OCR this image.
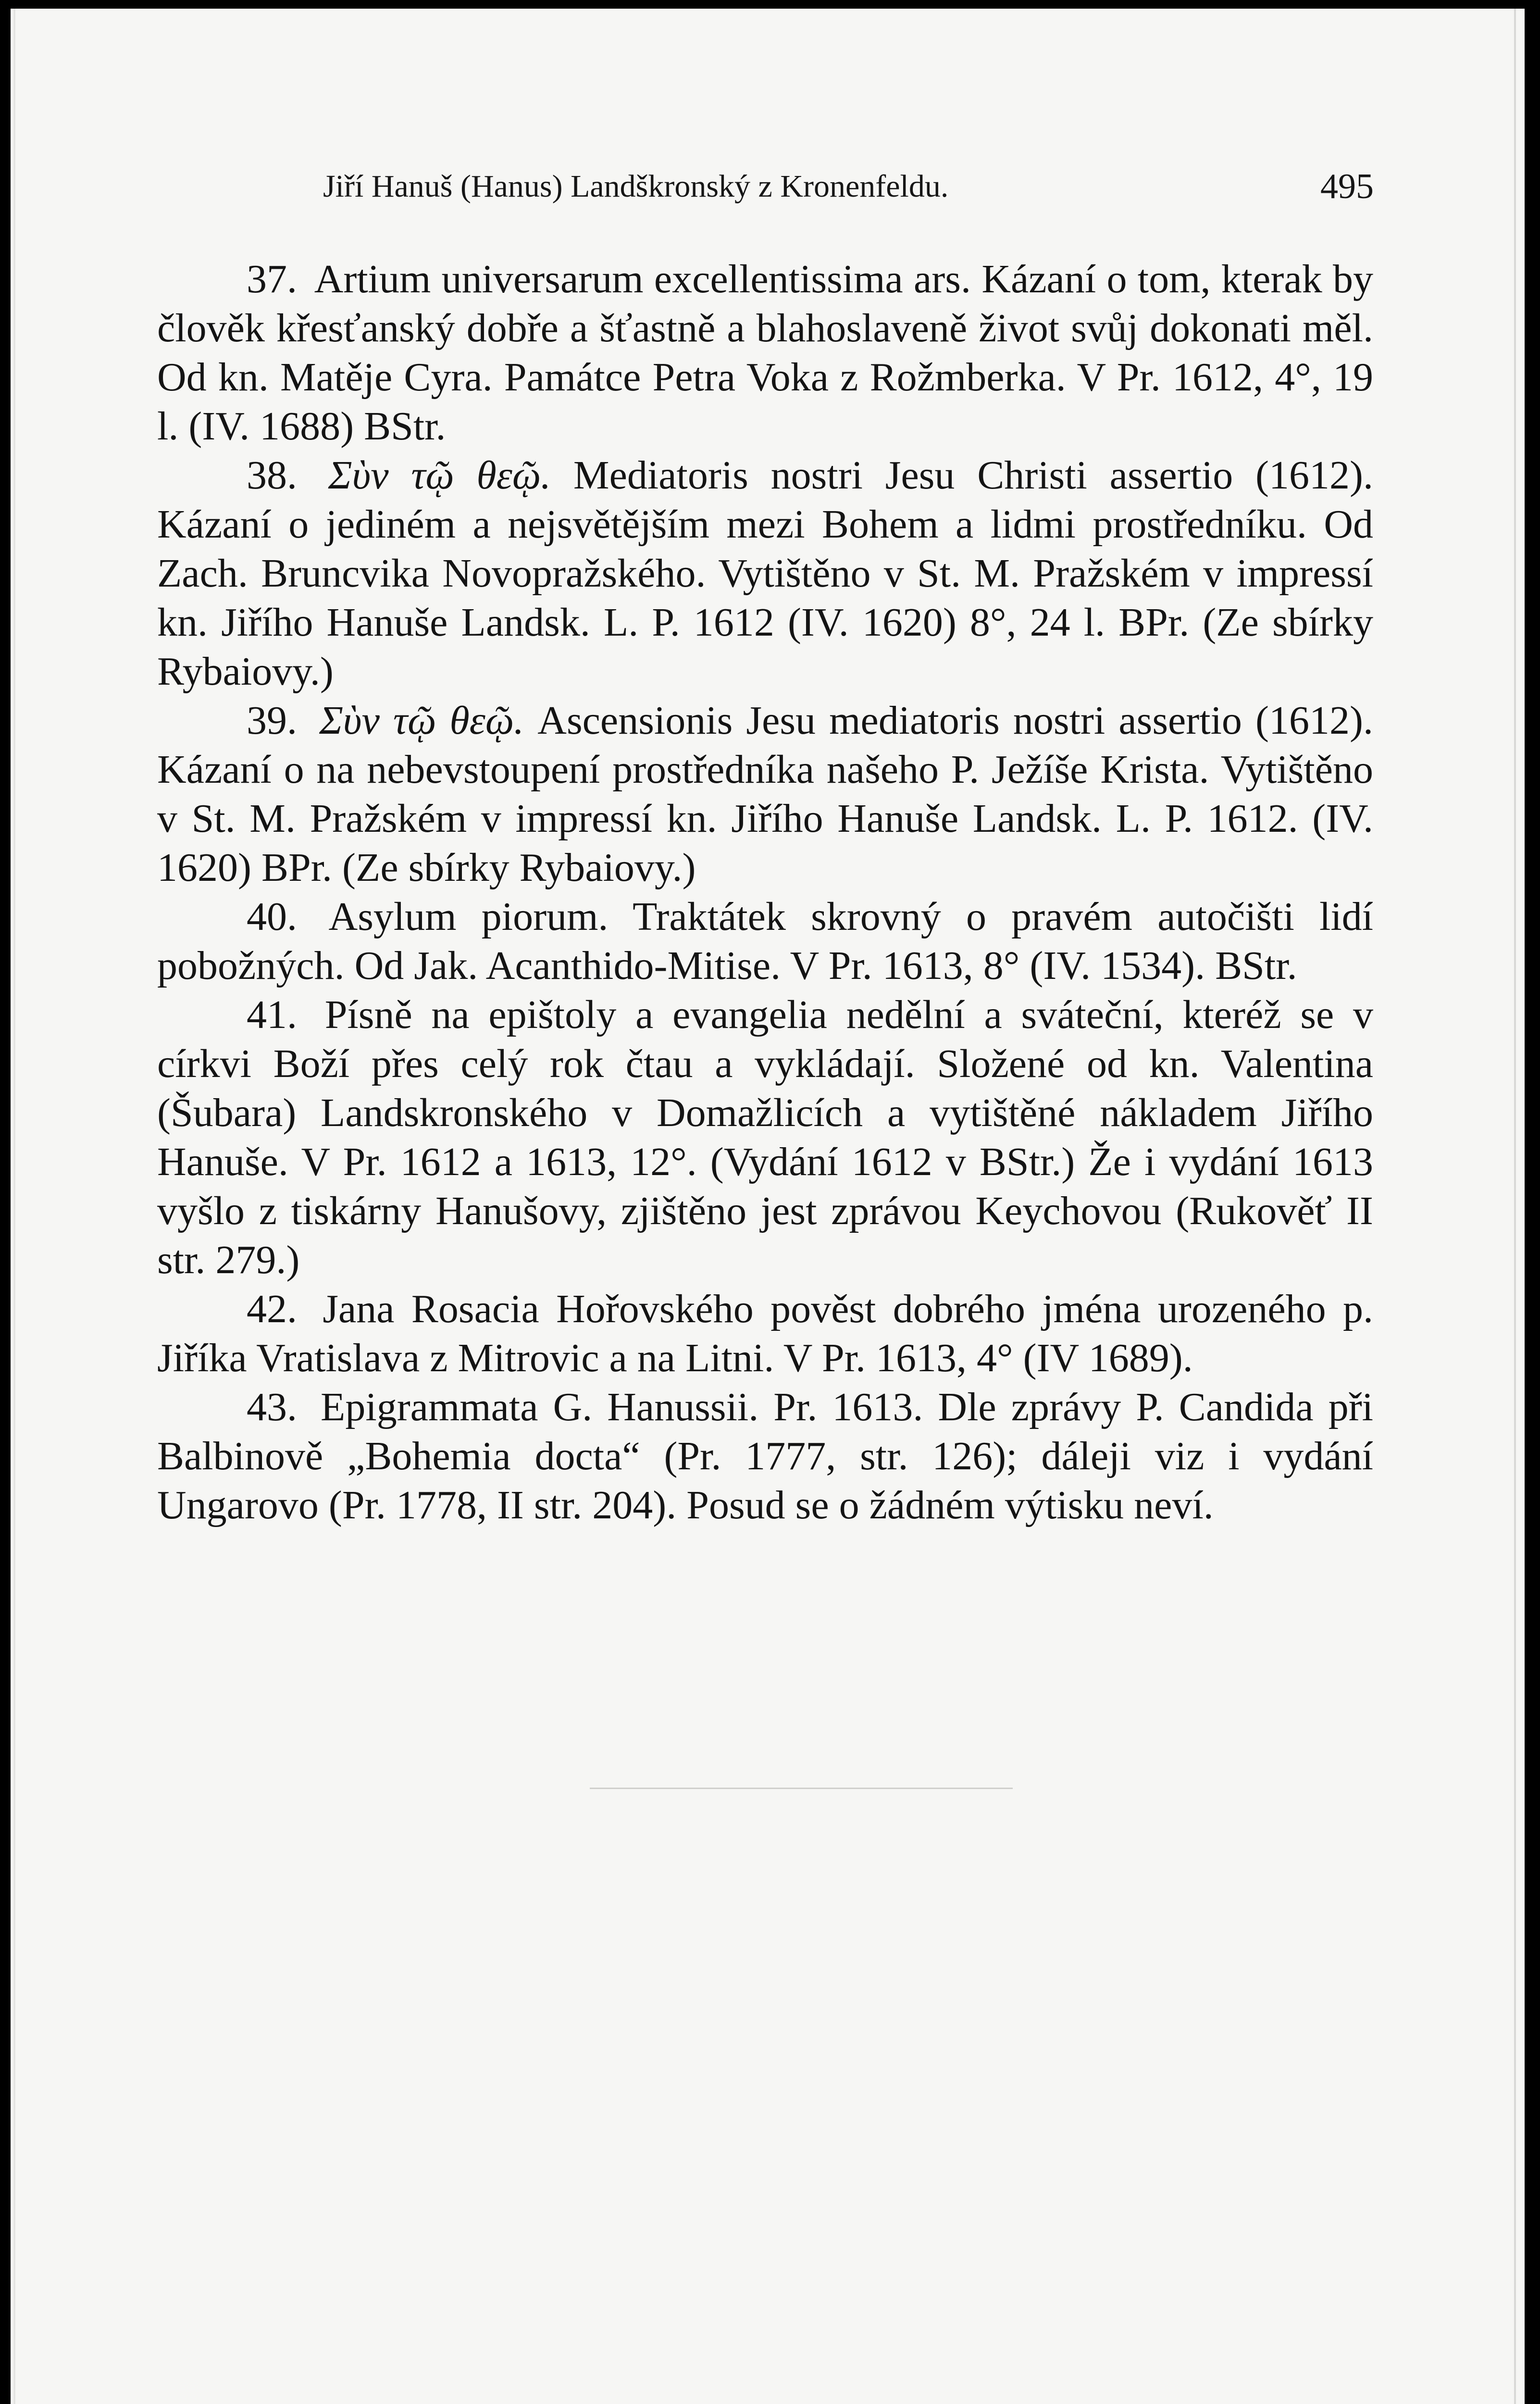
Jiří Hanuš (Hanus) Landškronský z Kronenfeldu.	495

37. Artium universarum excellentissima ars. Kázaní o tom, kterak by člověk křesťanský dobře a šťastně a blahoslaveně život svůj dokonati měl. Od kn. Matěje Cyra. Památce Petra Voka z Rožmberka. V Pr. 1612, 4°, 19 l. (IV. 1688) BStr.

38. Σὺν τῷ θεῷ. Mediatoris nostri Jesu Christi assertio (1612). Kázaní o jediném a nejsvětějším mezi Bohem a lidmi prostředníku. Od Zach. Bruncvika Novopražského. Vytištěno v St. M. Pražském v impressí kn. Jiřího Hanuše Landsk. L. P. 1612 (IV. 1620) 8°, 24 l. BPr. (Ze sbírky Rybaiovy.)

39. Σὺν τῷ θεῷ. Ascensionis Jesu mediatoris nostri assertio (1612). Kázaní o na nebevstoupení prostředníka našeho P. Ježíše Krista. Vytištěno v St. M. Pražském v impressí kn. Jiřího Hanuše Landsk. L. P. 1612. (IV. 1620) BPr. (Ze sbírky Rybaiovy.)

40. Asylum piorum. Traktátek skrovný o pravém autočišti lidí pobožných. Od Jak. Acanthido-Mitise. V Pr. 1613, 8° (IV. 1534). BStr.

41. Písně na epištoly a evangelia nedělní a sváteční, kteréž se v církvi Boží přes celý rok čtau a vykládají. Složené od kn. Valentina (Šubara) Landskronského v Domažlicích a vytištěné nákladem Jiřího Hanuše. V Pr. 1612 a 1613, 12°. (Vydání 1612 v BStr.) Že i vydání 1613 vyšlo z tiskárny Hanušovy, zjištěno jest zprávou Keychovou (Rukověť II str. 279.)

42. Jana Rosacia Hořovského pověst dobrého jména urozeného p. Jiříka Vratislava z Mitrovic a na Litni. V Pr. 1613, 4° (IV 1689).

43. Epigrammata G. Hanussii. Pr. 1613. Dle zprávy P. Candida při Balbinově „Bohemia docta“ (Pr. 1777, str. 126); dáleji viz i vydání Ungarovo (Pr. 1778, II str. 204). Posud se o žádném výtisku neví.
